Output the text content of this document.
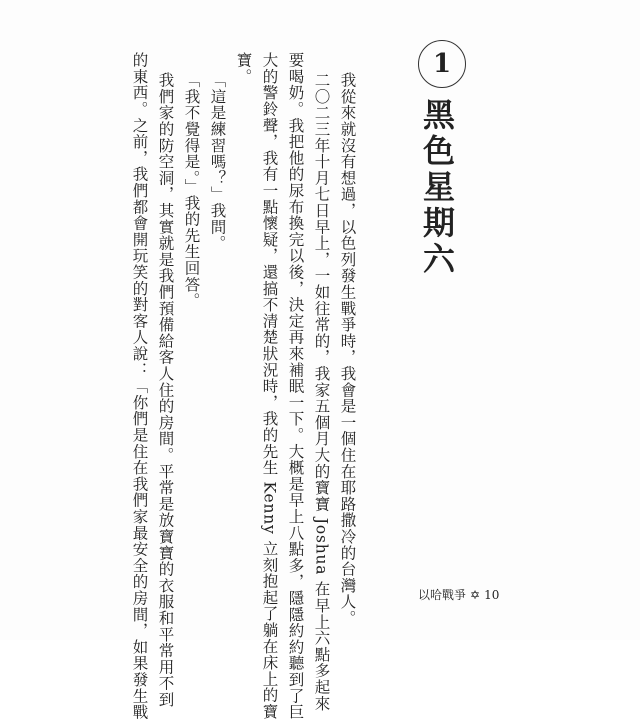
1
黑色星期六
我從來就沒有想過，以色列發生戰爭時，我會是一個住在耶路撒冷的台灣人。
二〇二三年十月七日早上，一如往常的，我家五個月大的寶寶 Joshua 在早上六點多起來
要喝奶。我把他的尿布換完以後，決定再來補眠一下。大概是早上八點多，隱隱約約聽到了巨
大的警鈴聲，我有一點懷疑，還搞不清楚狀況時，我的先生 Kenny 立刻抱起了躺在床上的寶
寶。
「這是練習嗎？」我問。
「我不覺得是。」我的先生回答。
我們家的防空洞，其實就是我們預備給客人住的房間。平常是放寶寶的衣服和平常用不到
的東西。之前，我們都會開玩笑的對客人說：「你們是住在我們家最安全的房間，如果發生戰	以哈戰爭 ✡ 10
